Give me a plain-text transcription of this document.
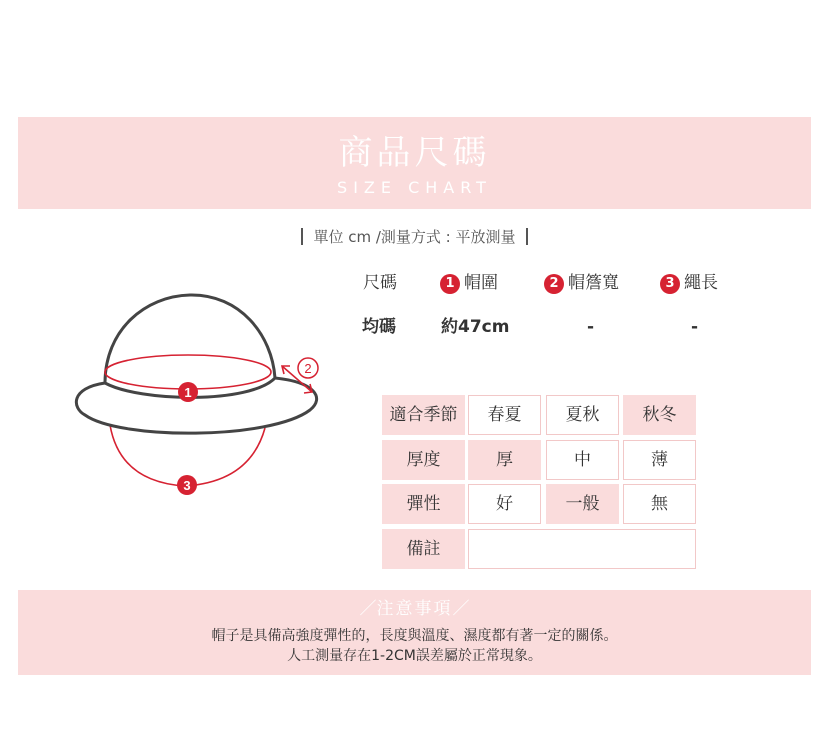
商品尺碼
SIZE CHART
單位 cm /測量方式 : 平放測量
尺碼	1 帽圍	2 帽簷寬	3 繩長
均碼	約47cm	-	-
1
2
3
適合季節	春夏	夏秋	秋冬
厚度	厚	中	薄
彈性	好	一般	無
備註
／注意事項／
帽子是具備高強度彈性的，長度與溫度、濕度都有著一定的關係。
人工測量存在1-2CM誤差屬於正常現象。
